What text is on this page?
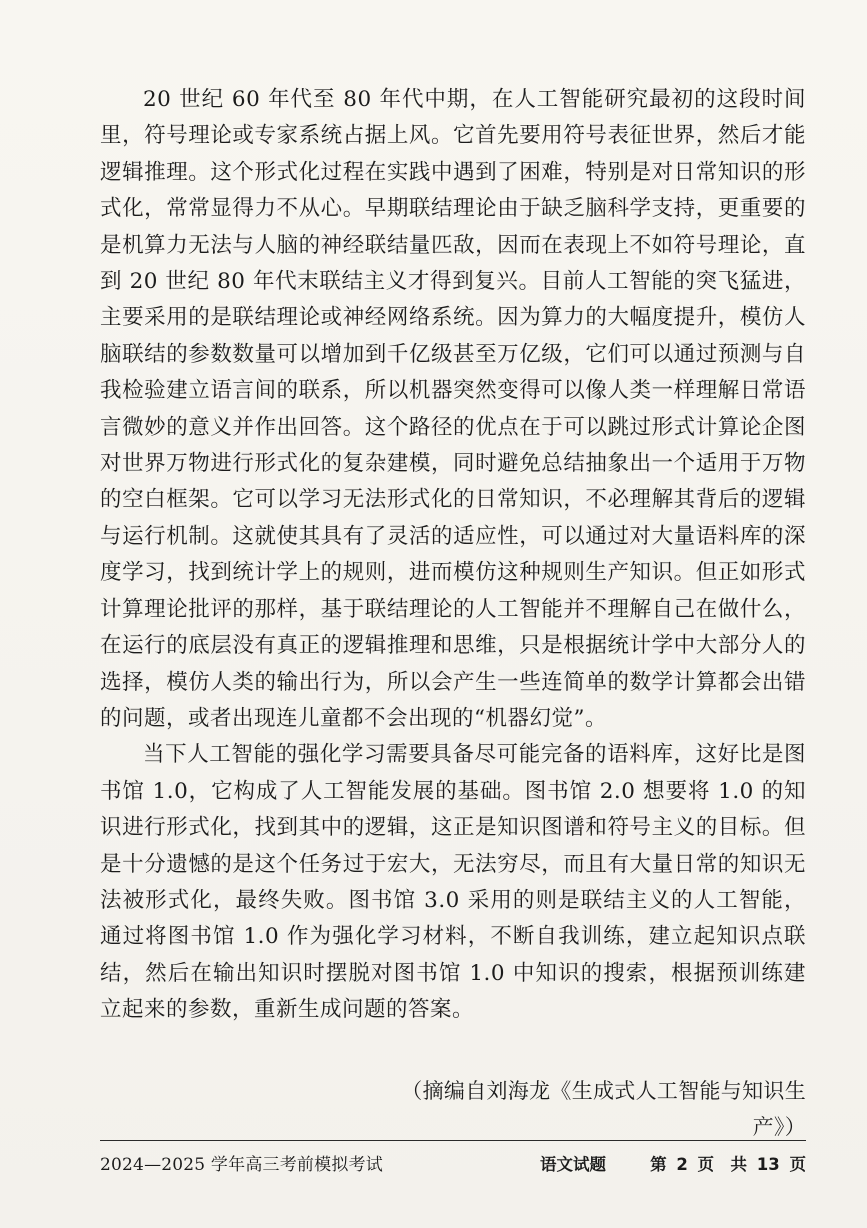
20 世纪 60 年代至 80 年代中期，在人工智能研究最初的这段时间里，符号理论或专家系统占据上风。它首先要用符号表征世界，然后才能逻辑推理。这个形式化过程在实践中遇到了困难，特别是对日常知识的形式化，常常显得力不从心。早期联结理论由于缺乏脑科学支持，更重要的是机算力无法与人脑的神经联结量匹敌，因而在表现上不如符号理论，直到 20 世纪 80 年代末联结主义才得到复兴。目前人工智能的突飞猛进，主要采用的是联结理论或神经网络系统。因为算力的大幅度提升，模仿人脑联结的参数数量可以增加到千亿级甚至万亿级，它们可以通过预测与自我检验建立语言间的联系，所以机器突然变得可以像人类一样理解日常语言微妙的意义并作出回答。这个路径的优点在于可以跳过形式计算论企图对世界万物进行形式化的复杂建模，同时避免总结抽象出一个适用于万物的空白框架。它可以学习无法形式化的日常知识，不必理解其背后的逻辑与运行机制。这就使其具有了灵活的适应性，可以通过对大量语料库的深度学习，找到统计学上的规则，进而模仿这种规则生产知识。但正如形式计算理论批评的那样，基于联结理论的人工智能并不理解自己在做什么，在运行的底层没有真正的逻辑推理和思维，只是根据统计学中大部分人的选择，模仿人类的输出行为，所以会产生一些连简单的数学计算都会出错的问题，或者出现连儿童都不会出现的“机器幻觉”。

当下人工智能的强化学习需要具备尽可能完备的语料库，这好比是图书馆 1.0，它构成了人工智能发展的基础。图书馆 2.0 想要将 1.0 的知识进行形式化，找到其中的逻辑，这正是知识图谱和符号主义的目标。但是十分遗憾的是这个任务过于宏大，无法穷尽，而且有大量日常的知识无法被形式化，最终失败。图书馆 3.0 采用的则是联结主义的人工智能，通过将图书馆 1.0 作为强化学习材料，不断自我训练，建立起知识点联结，然后在输出知识时摆脱对图书馆 1.0 中知识的搜索，根据预训练建立起来的参数，重新生成问题的答案。

（摘编自刘海龙《生成式人工智能与知识生产》）
2024—2025 学年高三考前模拟考试	语文试题	第 2 页　共 13 页
